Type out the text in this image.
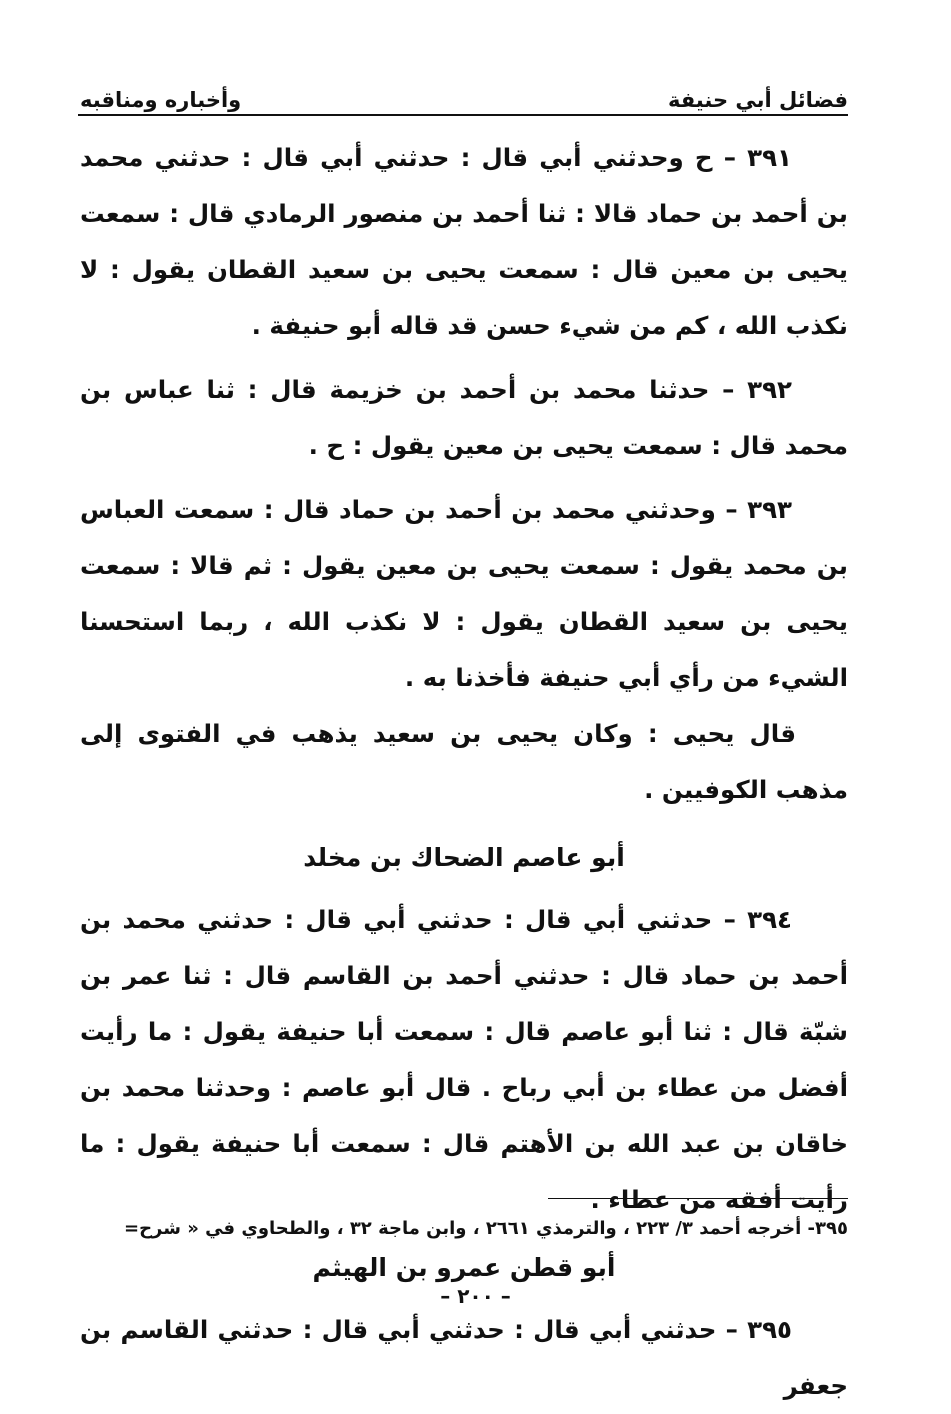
فضائل أبي حنيفة
وأخباره ومناقبه

٣٩١ – ح وحدثني أبي قال : حدثني أبي قال : حدثني محمد بن أحمد بن حماد قالا : ثنا أحمد بن منصور الرمادي قال : سمعت يحيى بن معين قال : سمعت يحيى بن سعيد القطان يقول : لا نكذب الله ، كم من شيء حسن قد قاله أبو حنيفة .

٣٩٢ – حدثنا محمد بن أحمد بن خزيمة قال : ثنا عباس بن محمد قال : سمعت يحيى بن معين يقول : ح .

٣٩٣ – وحدثني محمد بن أحمد بن حماد قال : سمعت العباس بن محمد يقول : سمعت يحيى بن معين يقول : ثم قالا : سمعت يحيى بن سعيد القطان يقول : لا نكذب الله ، ربما استحسنا الشيء من رأي أبي حنيفة فأخذنا به .

قال يحيى : وكان يحيى بن سعيد يذهب في الفتوى إلى مذهب الكوفيين .

أبو عاصم الضحاك بن مخلد

٣٩٤ – حدثني أبي قال : حدثني أبي قال : حدثني محمد بن أحمد بن حماد قال : حدثني أحمد بن القاسم قال : ثنا عمر بن شبّة قال : ثنا أبو عاصم قال : سمعت أبا حنيفة يقول : ما رأيت أفضل من عطاء بن أبي رباح . قال أبو عاصم : وحدثنا محمد بن خاقان بن عبد الله بن الأهتم قال : سمعت أبا حنيفة يقول : ما رأيت أفقه من عطاء .

أبو قطن عمرو بن الهيثم

٣٩٥ – حدثني أبي قال : حدثني أبي قال : حدثني القاسم بن جعفر

٣٩٥- أخرجه أحمد ٣/ ٢٢٣ ، والترمذي ٢٦٦١ ، وابن ماجة ٣٢ ، والطحاوي في « شرح=
– ٢٠٠ –
